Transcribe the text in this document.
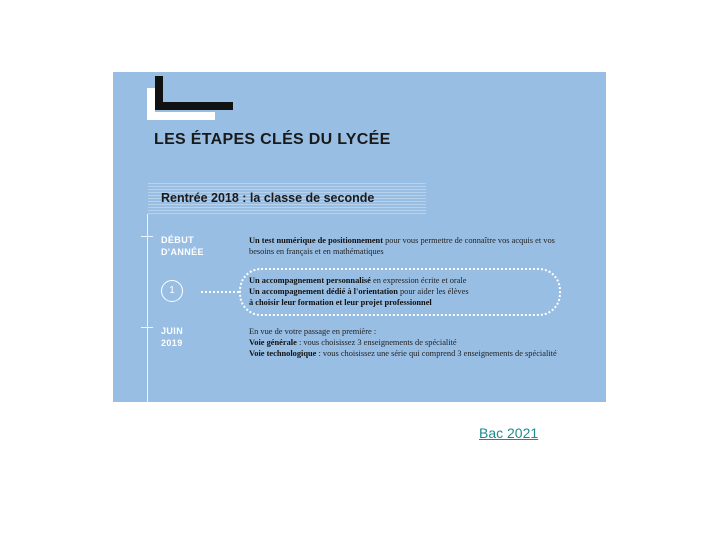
LES ÉTAPES CLÉS DU LYCÉE
Rentrée 2018 : la classe de seconde
DÉBUT
D'ANNÉE
JUIN
2019
1
Un test numérique de positionnement pour vous permettre de connaître vos acquis et vos besoins en français et en mathématiques
Un accompagnement personnalisé en expression écrite et orale
Un accompagnement dédié à l'orientation pour aider les élèves
à choisir leur formation et leur projet professionnel
En vue de votre passage en première :
Voie générale : vous choisissez 3 enseignements de spécialité
Voie technologique : vous choisissez une série qui comprend 3 enseignements de spécialité
Bac 2021
